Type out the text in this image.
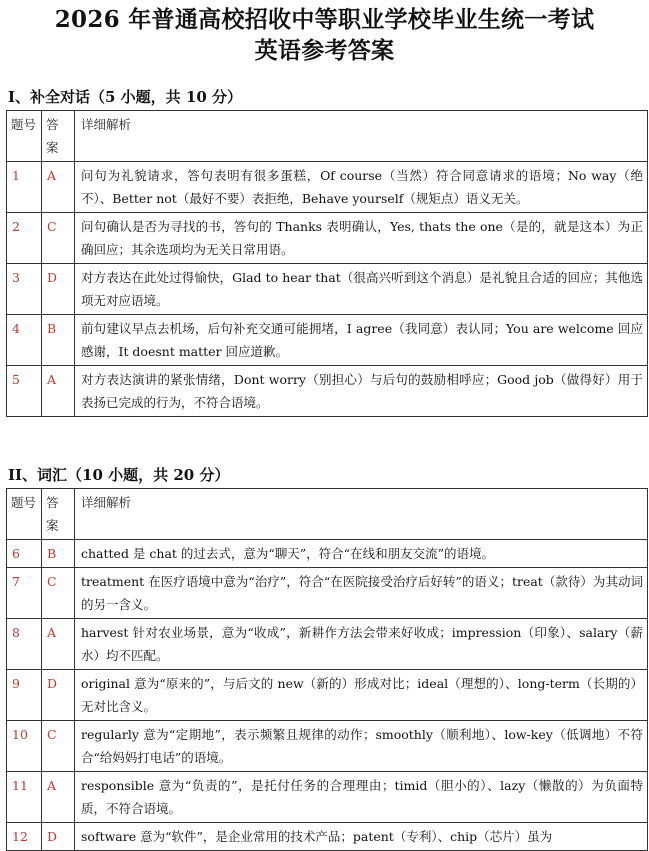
2026 年普通高校招收中等职业学校毕业生统一考试

英语参考答案

I、补全对话（5 小题，共 10 分）
题号	答案	详细解析
1	A	问句为礼貌请求，答句表明有很多蛋糕，Of course（当然）符合同意请求的语境；No way（绝不）、Better not（最好不要）表拒绝，Behave yourself（规矩点）语义无关。
2	C	问句确认是否为寻找的书，答句的 Thanks 表明确认，Yes, thats the one（是的，就是这本）为正确回应；其余选项均为无关日常用语。
3	D	对方表达在此处过得愉快，Glad to hear that（很高兴听到这个消息）是礼貌且合适的回应；其他选项无对应语境。
4	B	前句建议早点去机场，后句补充交通可能拥堵，I agree（我同意）表认同；You are welcome 回应感谢，It doesnt matter 回应道歉。
5	A	对方表达演讲的紧张情绪，Dont worry（别担心）与后句的鼓励相呼应；Good job（做得好）用于表扬已完成的行为，不符合语境。
II、词汇（10 小题，共 20 分）
题号	答案	详细解析
6	B	chatted 是 chat 的过去式，意为“聊天”，符合“在线和朋友交流”的语境。
7	C	treatment 在医疗语境中意为“治疗”，符合“在医院接受治疗后好转”的语义；treat（款待）为其动词的另一含义。
8	A	harvest 针对农业场景，意为“收成”，新耕作方法会带来好收成；impression（印象）、salary（薪水）均不匹配。
9	D	original 意为“原来的”，与后文的 new（新的）形成对比；ideal（理想的）、long-term（长期的）无对比含义。
10	C	regularly 意为“定期地”，表示频繁且规律的动作；smoothly（顺利地）、low-key（低调地）不符合“给妈妈打电话”的语境。
11	A	responsible 意为“负责的”，是托付任务的合理理由；timid（胆小的）、lazy（懒散的）为负面特质，不符合语境。
12	D	software 意为“软件”，是企业常用的技术产品；patent（专利）、chip（芯片）虽为
